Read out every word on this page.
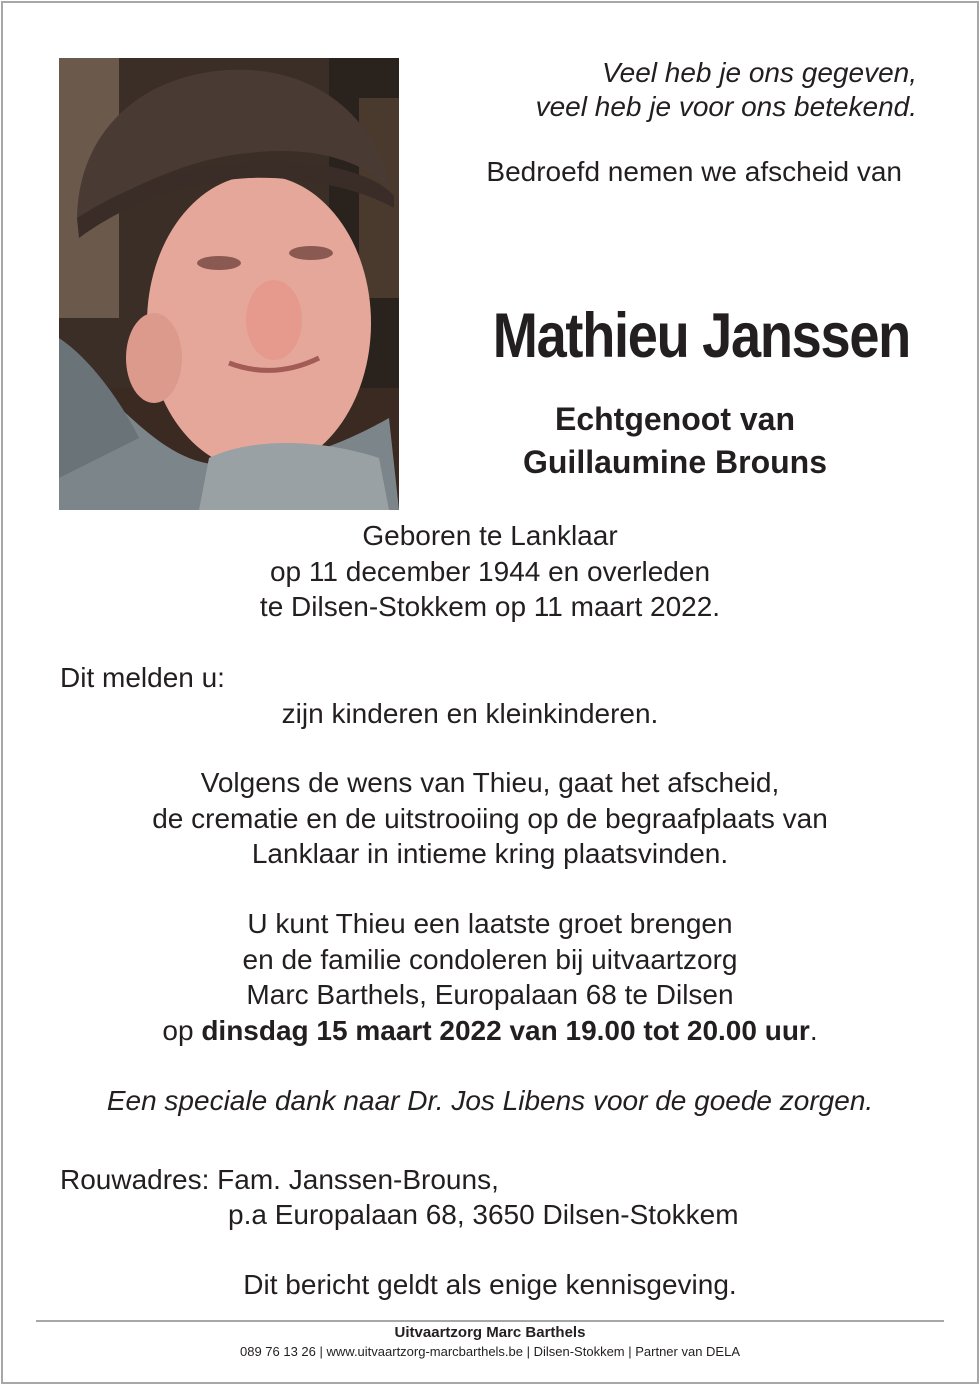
Veel heb je ons gegeven,
veel heb je voor ons betekend.
Bedroefd nemen we afscheid van
Mathieu Janssen
Echtgenoot van
Guillaumine Brouns
Geboren te Lanklaar
op 11 december 1944 en overleden
te Dilsen-Stokkem op 11 maart 2022.
Dit melden u:
zijn kinderen en kleinkinderen.
Volgens de wens van Thieu, gaat het afscheid,
de crematie en de uitstrooiing op de begraafplaats van
Lanklaar in intieme kring plaatsvinden.
U kunt Thieu een laatste groet brengen
en de familie condoleren bij uitvaartzorg
Marc Barthels, Europalaan 68 te Dilsen
op dinsdag 15 maart 2022 van 19.00 tot 20.00 uur.
Een speciale dank naar Dr. Jos Libens voor de goede zorgen.
Rouwadres: Fam. Janssen-Brouns,
p.a Europalaan 68, 3650 Dilsen-Stokkem
Dit bericht geldt als enige kennisgeving.
Uitvaartzorg Marc Barthels
089 76 13 26 | www.uitvaartzorg-marcbarthels.be | Dilsen-Stokkem | Partner van DELA
